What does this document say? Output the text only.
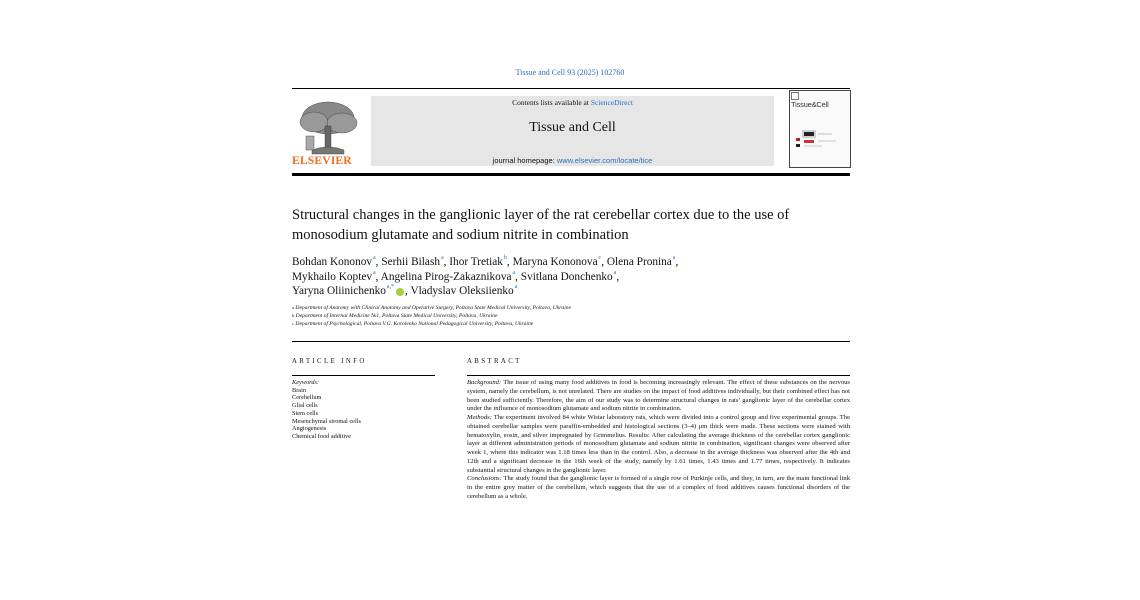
Tissue and Cell 93 (2025) 102760
ELSEVIER
Contents lists available at ScienceDirect
Tissue and Cell
journal homepage: www.elsevier.com/locate/tice
Tissue&Cell
Structural changes in the ganglionic layer of the rat cerebellar cortex due to the use of monosodium glutamate and sodium nitrite in combination
Bohdan Kononov $^a$, Serhii Bilash $^a$, Ihor Tretiak $^b$, Maryna Kononova $^c$, Olena Pronina $^a$,
Mykhailo Koptev $^a$, Angelina Pirog-Zakaznikova $^a$, Svitlana Donchenko $^a$,
Yaryna Oliinichenko $^{a,*}$  , Vladyslav Oleksiienko $^a$
$^a$ Department of Anatomy with Clinical Anatomy and Operative Surgery, Poltava State Medical University, Poltava, Ukraine
$^b$ Department of Internal Medicine №1, Poltava State Medical University, Poltava, Ukraine
$^c$ Department of Psychological, Poltava V.G. Korolenko National Pedagogical University, Poltava, Ukraine
ARTICLE INFO
Keywords:
Brain
Cerebellum
Glial cells
Stem cells
Mesenchymal stromal cells
Angiogenesis
Chemical food additive
ABSTRACT

Background: The issue of using many food additives in food is becoming increasingly relevant. The effect of these substances on the nervous system, namely the cerebellum, is not unrelated. There are studies on the impact of food additives individually, but their combined effect has not been studied sufficiently. Therefore, the aim of our study was to determine structural changes in rats’ ganglionic layer of the cerebellar cortex under the influence of monosodium glutamate and sodium nitrite in combination.

Methods: The experiment involved 84 white Wistar laboratory rats, which were divided into a control group and five experimental groups. The obtained cerebellar samples were paraffin-embedded and histological sections (3–4) μm thick were made. These sections were stained with hematoxylin, eosin, and silver impregnated by Grimmelius. Results: After calculating the average thickness of the cerebellar cortex ganglionic layer at different administration periods of monosodium glutamate and sodium nitrite in combination, significant changes were observed after week 1, where this indicator was 1.18 times less than in the control. Also, a decrease in the average thickness was observed after the 4th and 12th and a significant decrease in the 16th week of the study, namely by 1.61 times, 1.43 times and 1.77 times, respectively. It indicates substantial structural changes in the ganglionic layer.

Conclusions: The study found that the ganglionic layer is formed of a single row of Purkinje cells, and they, in turn, are the main functional link in the entire grey matter of the cerebellum, which suggests that the use of a complex of food additives causes functional disorders of the cerebellum as a whole.
